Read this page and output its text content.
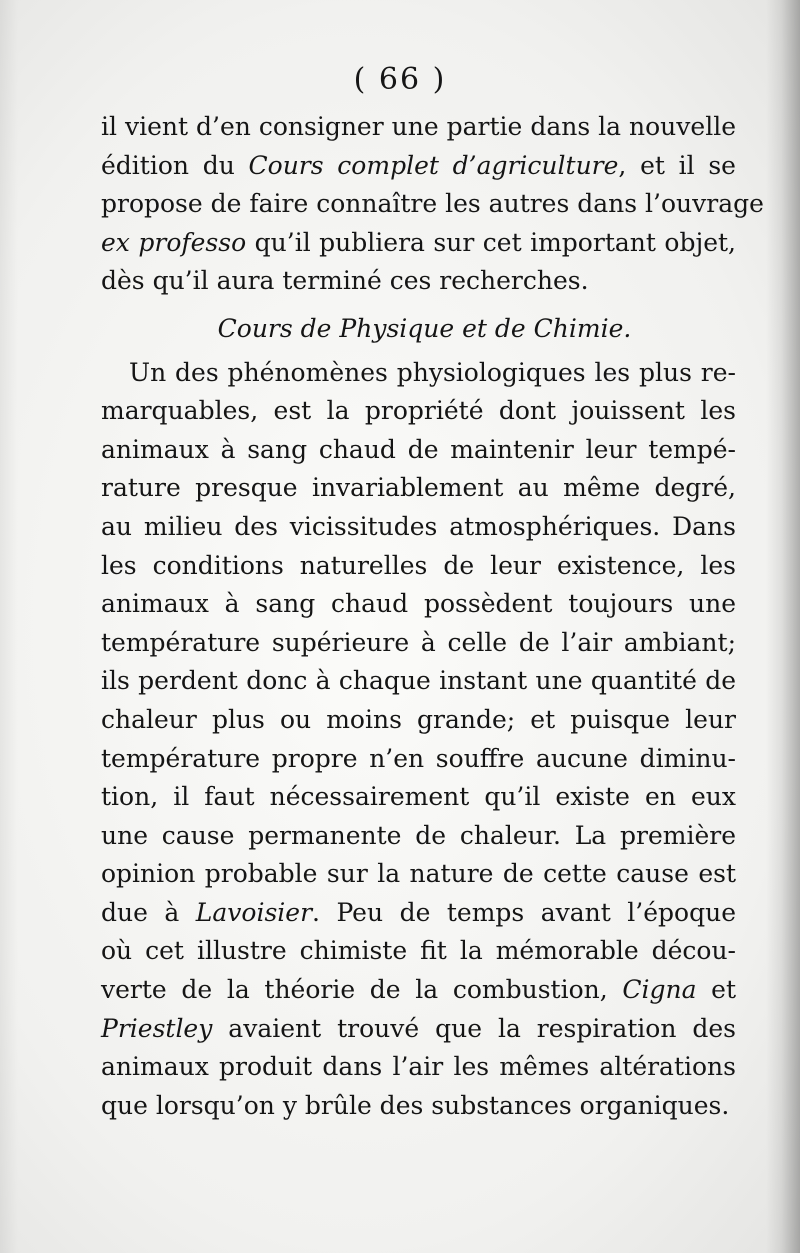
( 66 )
il vient d’en consigner une partie dans la nouvelle
édition du Cours complet d’agriculture, et il se
propose de faire connaître les autres dans l’ouvrage
ex professo qu’il publiera sur cet important objet,
dès qu’il aura terminé ces recherches.
Cours de Physique et de Chimie.
Un des phénomènes physiologiques les plus re-
marquables, est la propriété dont jouissent les
animaux à sang chaud de maintenir leur tempé-
rature presque invariablement au même degré,
au milieu des vicissitudes atmosphériques. Dans
les conditions naturelles de leur existence, les
animaux à sang chaud possèdent toujours une
température supérieure à celle de l’air ambiant;
ils perdent donc à chaque instant une quantité de
chaleur plus ou moins grande; et puisque leur
température propre n’en souffre aucune diminu-
tion, il faut nécessairement qu’il existe en eux
une cause permanente de chaleur. La première
opinion probable sur la nature de cette cause est
due à Lavoisier. Peu de temps avant l’époque
où cet illustre chimiste fit la mémorable décou-
verte de la théorie de la combustion, Cigna et
Priestley avaient trouvé que la respiration des
animaux produit dans l’air les mêmes altérations
que lorsqu’on y brûle des substances organiques.
